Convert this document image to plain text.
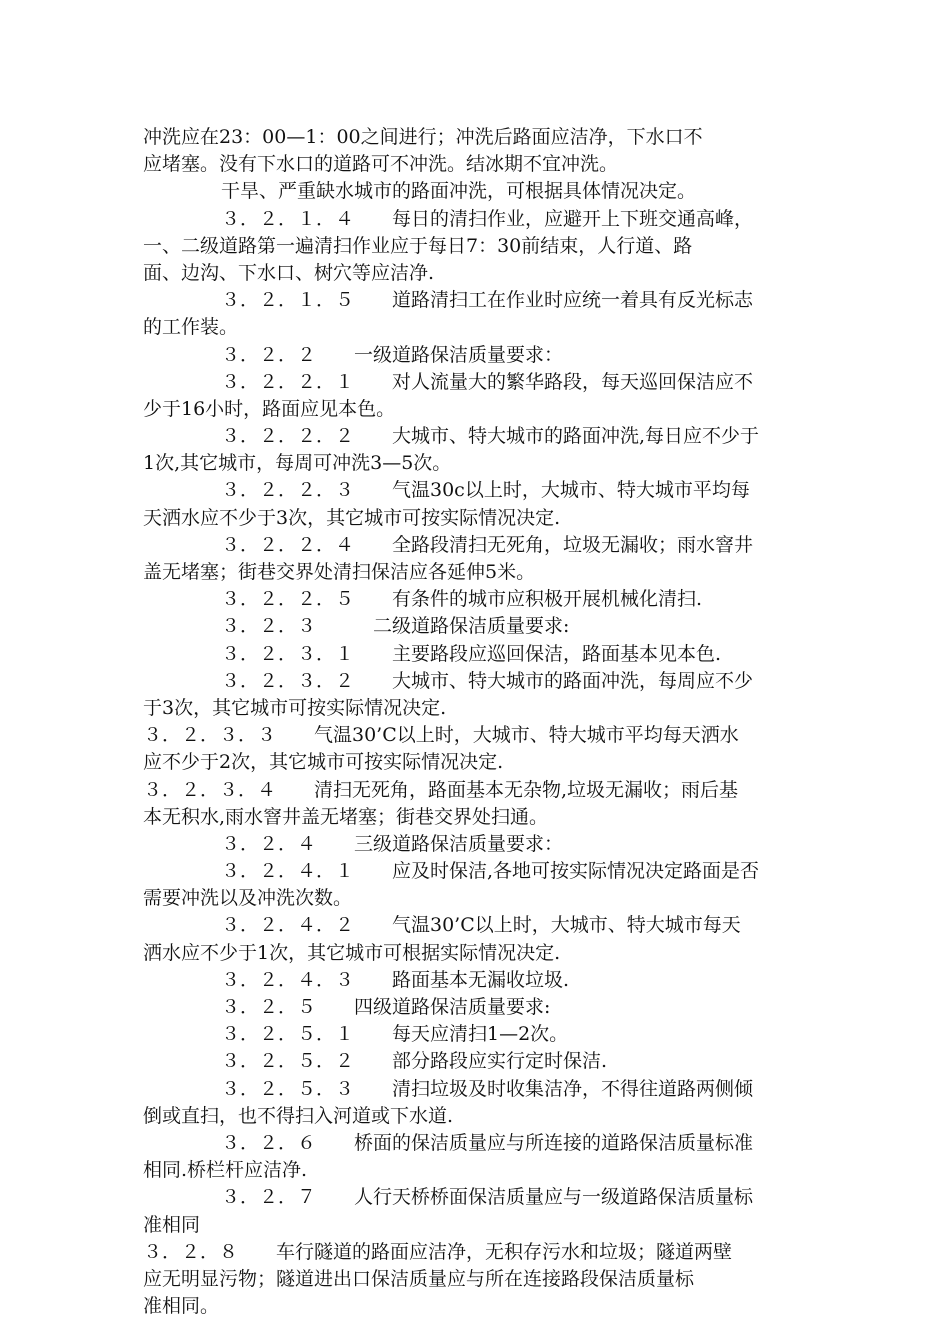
冲洗应在23：00—1：00之间进行；冲洗后路面应洁净，下水口不
应堵塞。没有下水口的道路可不冲洗。结冰期不宜冲洗。
干旱、严重缺水城市的路面冲洗，可根据具体情况决定。
３．２．１．４　　每日的清扫作业，应避开上下班交通高峰，
一、二级道路第一遍清扫作业应于每日7：30前结束，人行道、路
面、边沟、下水口、树穴等应洁净.
３．２．１．５　　道路清扫工在作业时应统一着具有反光标志
的工作装。
３．２．２　　一级道路保洁质量要求：
３．２．２．１　　对人流量大的繁华路段，每天巡回保洁应不
少于16小时，路面应见本色。
３．２．２．２　　大城市、特大城市的路面冲洗,每日应不少于
1次,其它城市，每周可冲洗3—5次。
３．２．２．３　　气温30c以上时，大城市、特大城市平均每
天洒水应不少于3次，其它城市可按实际情况决定.
３．２．２．４　　全路段清扫无死角，垃圾无漏收；雨水窨井
盖无堵塞；街巷交界处清扫保洁应各延伸5米。
３．２．２．５　　有条件的城市应积极开展机械化清扫.
３．２．３　　　二级道路保洁质量要求:
３．２．３．１　　主要路段应巡回保洁，路面基本见本色.
３．２．３．２　　大城市、特大城市的路面冲洗，每周应不少
于3次，其它城市可按实际情况决定.
３．２．３．３　　气温30’C以上时，大城市、特大城市平均每天洒水
应不少于2次，其它城市可按实际情况决定.
３．２．３．４　　清扫无死角，路面基本无杂物,垃圾无漏收；雨后基
本无积水,雨水窨井盖无堵塞；街巷交界处扫通。
３．２．４　　三级道路保洁质量要求：
３．２．４．１　　应及时保洁,各地可按实际情况决定路面是否
需要冲洗以及冲洗次数。
３．２．４．２　　气温30’C以上时，大城市、特大城市每天
洒水应不少于1次，其它城市可根据实际情况决定.
３．２．４．３　　路面基本无漏收垃圾.
３．２．５　　四级道路保洁质量要求:
３．２．５．１　　每天应清扫1—2次。
３．２．５．２　　部分路段应实行定时保洁.
３．２．５．３　　清扫垃圾及时收集洁净，不得往道路两侧倾
倒或直扫，也不得扫入河道或下水道.
３．２．６　　桥面的保洁质量应与所连接的道路保洁质量标准
相同.桥栏杆应洁净.
３．２．７　　人行天桥桥面保洁质量应与一级道路保洁质量标
准相同
３．２．８　　车行隧道的路面应洁净，无积存污水和垃圾；隧道两壁
应无明显污物；隧道进出口保洁质量应与所在连接路段保洁质量标
准相同。
